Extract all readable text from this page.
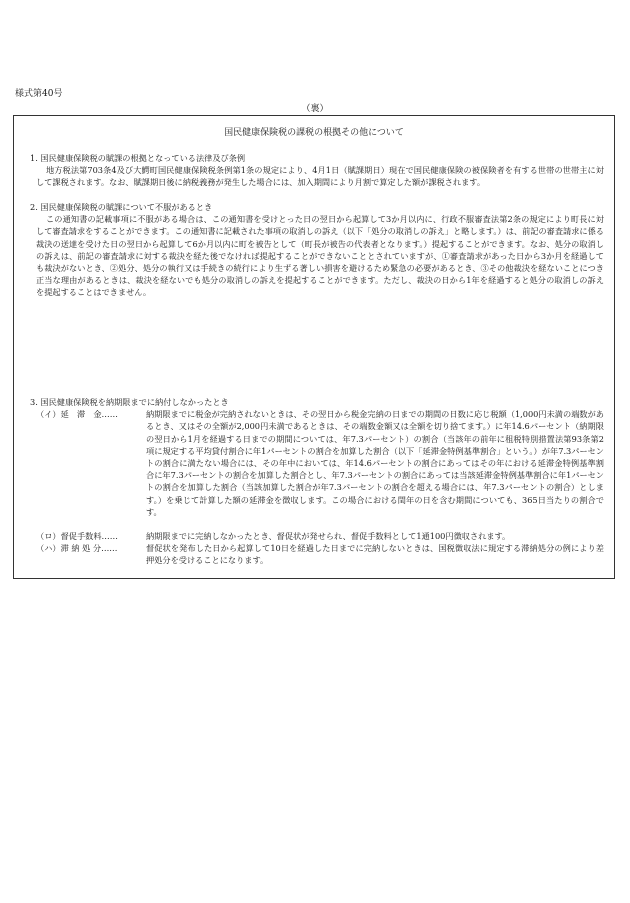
様式第40号
（裏）
国民健康保険税の課税の根拠その他について
1. 国民健康保険税の賦課の根拠となっている法律及び条例
地方税法第703条4及び大鰐町国民健康保険税条例第1条の規定により、4月1日（賦課期日）現在で国民健康保険の被保険者を有する世帯の世帯主に対して課税されます。なお、賦課期日後に納税義務が発生した場合には、加入期間により月割で算定した額が課税されます。
2. 国民健康保険税の賦課について不服があるとき
この通知書の記載事項に不服がある場合は、この通知書を受けとった日の翌日から起算して3か月以内に、行政不服審査法第2条の規定により町長に対して審査請求をすることができます。この通知書に記載された事項の取消しの訴え（以下「処分の取消しの訴え」と略します。）は、前記の審査請求に係る裁決の送達を受けた日の翌日から起算して6か月以内に町を被告として（町長が被告の代表者となります。）提起することができます。なお、処分の取消しの訴えは、前記の審査請求に対する裁決を経た後でなければ提起することができないこととされていますが、①審査請求があった日から3か月を経過しても裁決がないとき、②処分、処分の執行又は手続きの続行により生ずる著しい損害を避けるため緊急の必要があるとき、③その他裁決を経ないことにつき正当な理由があるときは、裁決を経ないでも処分の取消しの訴えを提起することができます。ただし、裁決の日から1年を経過すると処分の取消しの訴えを提起することはできません。
3. 国民健康保険税を納期限までに納付しなかったとき
（イ）延　滞　金……	納期限までに税金が完納されないときは、その翌日から税金完納の日までの期間の日数に応じ税額（1,000円未満の端数があるとき、又はその全額が2,000円未満であるときは、その端数金額又は全額を切り捨てます。）に年14.6パーセント（納期限の翌日から1月を経過する日までの期間については、年7.3パーセント）の割合（当該年の前年に租税特別措置法第93条第2項に規定する平均貸付割合に年1パーセントの割合を加算した割合（以下「延滞金特例基準割合」という。）が年7.3パーセントの割合に満たない場合には、その年中においては、年14.6パーセントの割合にあってはその年における延滞金特例基準割合に年7.3パーセントの割合を加算した割合とし、年7.3パーセントの割合にあっては当該延滞金特例基準割合に年1パーセントの割合を加算した割合（当該加算した割合が年7.3パーセントの割合を超える場合には、年7.3パーセントの割合）とします。）を乗じて計算した額の延滞金を徴収します。この場合における閏年の日を含む期間についても、365日当たりの割合です。
（ロ）督促手数料……	納期限までに完納しなかったとき、督促状が発せられ、督促手数料として1通100円徴収されます。
（ハ）滞 納 処 分……	督促状を発布した日から起算して10日を経過した日までに完納しないときは、国税徴収法に規定する滞納処分の例により差押処分を受けることになります。
